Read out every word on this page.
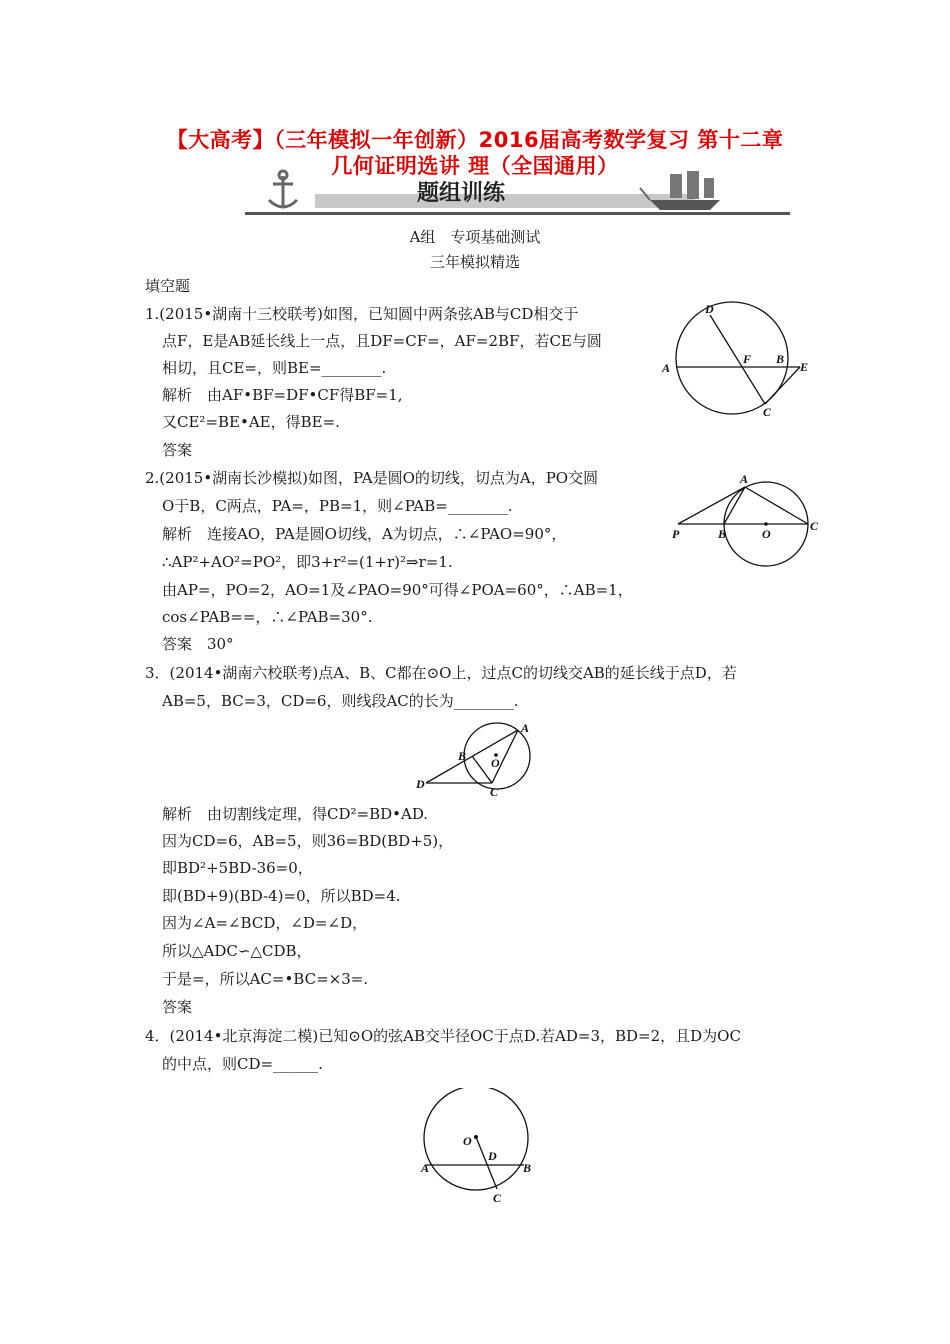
【大高考】（三年模拟一年创新）2016届高考数学复习 第十二章
几何证明选讲 理（全国通用）
题组训练
A组　专项基础测试
三年模拟精选
填空题
1.(2015•湖南十三校联考)如图，已知圆中两条弦AB与CD相交于
点F，E是AB延长线上一点，且DF=CF=，AF=2BF，若CE与圆
相切，且CE=，则BE=________.
解析　由AF•BF=DF•CF得BF=1,
又CE²=BE•AE，得BE=.
答案
D
F B
E
A
C
2.(2015•湖南长沙模拟)如图，PA是圆O的切线，切点为A，PO交圆
O于B，C两点，PA=，PB=1，则∠PAB=________.
解析　连接AO，PA是圆O切线，A为切点，∴∠PAO=90°，
∴AP²+AO²=PO²，即3+r²=(1+r)²⇒r=1.
由AP=，PO=2，AO=1及∠PAO=90°可得∠POA=60°，∴AB=1，
cos∠PAB==，∴∠PAB=30°.
答案　30°
A
P	B	O
C
3．(2014•湖南六校联考)点A、B、C都在⊙O上，过点C的切线交AB的延长线于点D，若
AB=5，BC=3，CD=6，则线段AC的长为________.
A
B O
D
C
解析　由切割线定理，得CD²=BD•AD.
因为CD=6，AB=5，则36=BD(BD+5)，
即BD²+5BD-36=0，
即(BD+9)(BD-4)=0，所以BD=4.
因为∠A=∠BCD，∠D=∠D，
所以△ADC∽△CDB，
于是=，所以AC=•BC=×3=.
答案
4．(2014•北京海淀二模)已知⊙O的弦AB交半径OC于点D.若AD=3，BD=2，且D为OC
的中点，则CD=______.
O
D
A	B
C
